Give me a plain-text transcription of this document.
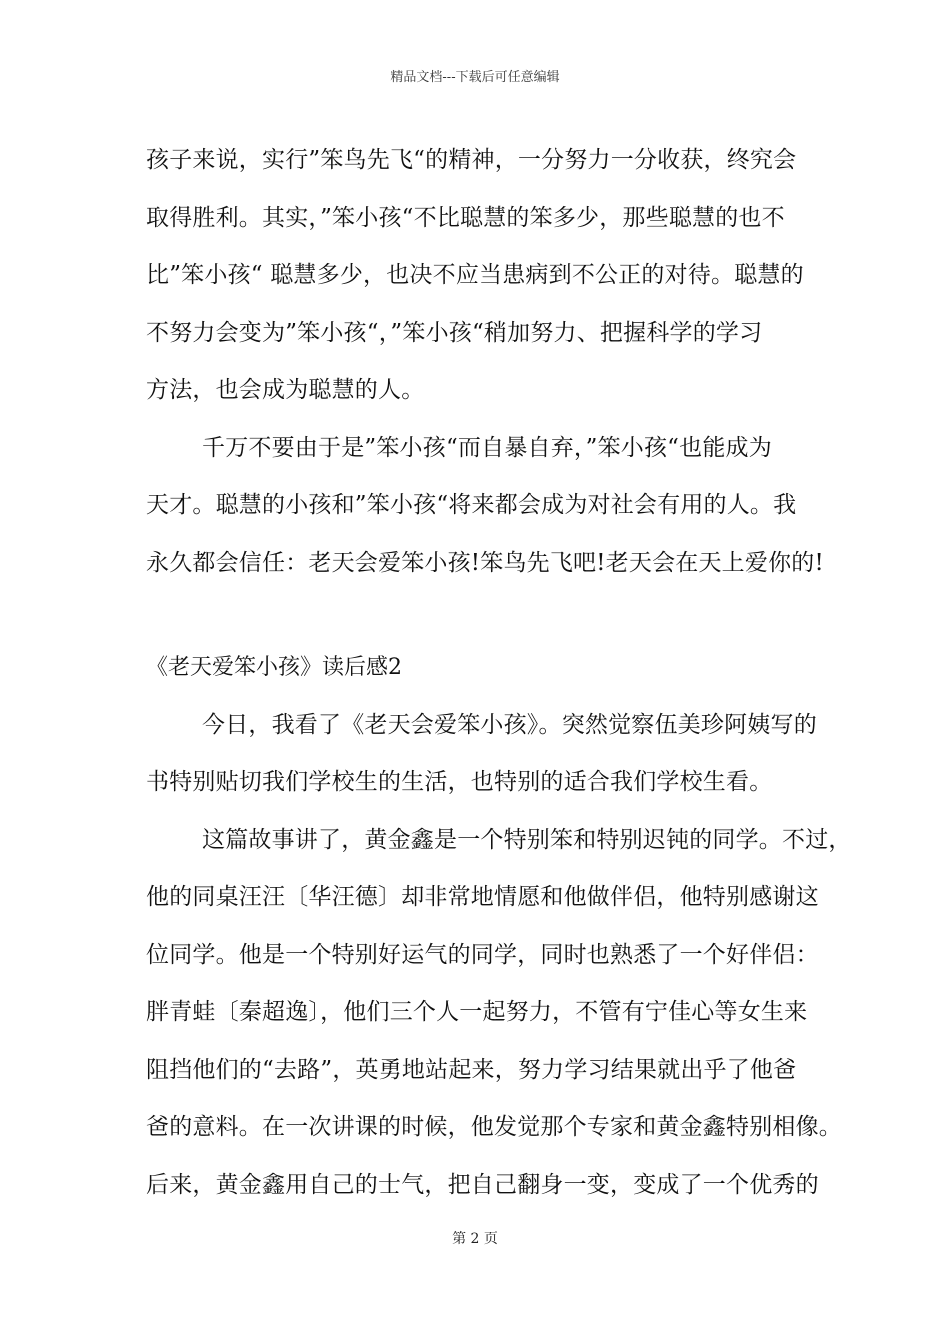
精品文档---下载后可任意编辑
孩子来说，实行”笨鸟先飞“的精神，一分努力一分收获，终究会
取得胜利。其实，”笨小孩“不比聪慧的笨多少，那些聪慧的也不
比”笨小孩“ 聪慧多少，也决不应当患病到不公正的对待。聪慧的
不努力会变为”笨小孩“，”笨小孩“稍加努力、把握科学的学习
方法，也会成为聪慧的人。
千万不要由于是”笨小孩“而自暴自弃，”笨小孩“也能成为
天才。聪慧的小孩和”笨小孩“将来都会成为对社会有用的人。我
永久都会信任：老天会爱笨小孩!笨鸟先飞吧!老天会在天上爱你的!
《老天爱笨小孩》读后感2
今日，我看了《老天会爱笨小孩》。突然觉察伍美珍阿姨写的
书特别贴切我们学校生的生活，也特别的适合我们学校生看。
这篇故事讲了，黄金鑫是一个特别笨和特别迟钝的同学。不过，
他的同桌汪汪〔华汪德〕却非常地情愿和他做伴侣，他特别感谢这
位同学。他是一个特别好运气的同学，同时也熟悉了一个好伴侣：
胖青蛙〔秦超逸〕，他们三个人一起努力，不管有宁佳心等女生来
阻挡他们的“去路”，英勇地站起来，努力学习结果就出乎了他爸
爸的意料。在一次讲课的时候，他发觉那个专家和黄金鑫特别相像。
后来，黄金鑫用自己的士气，把自己翻身一变，变成了一个优秀的
第 2 页
